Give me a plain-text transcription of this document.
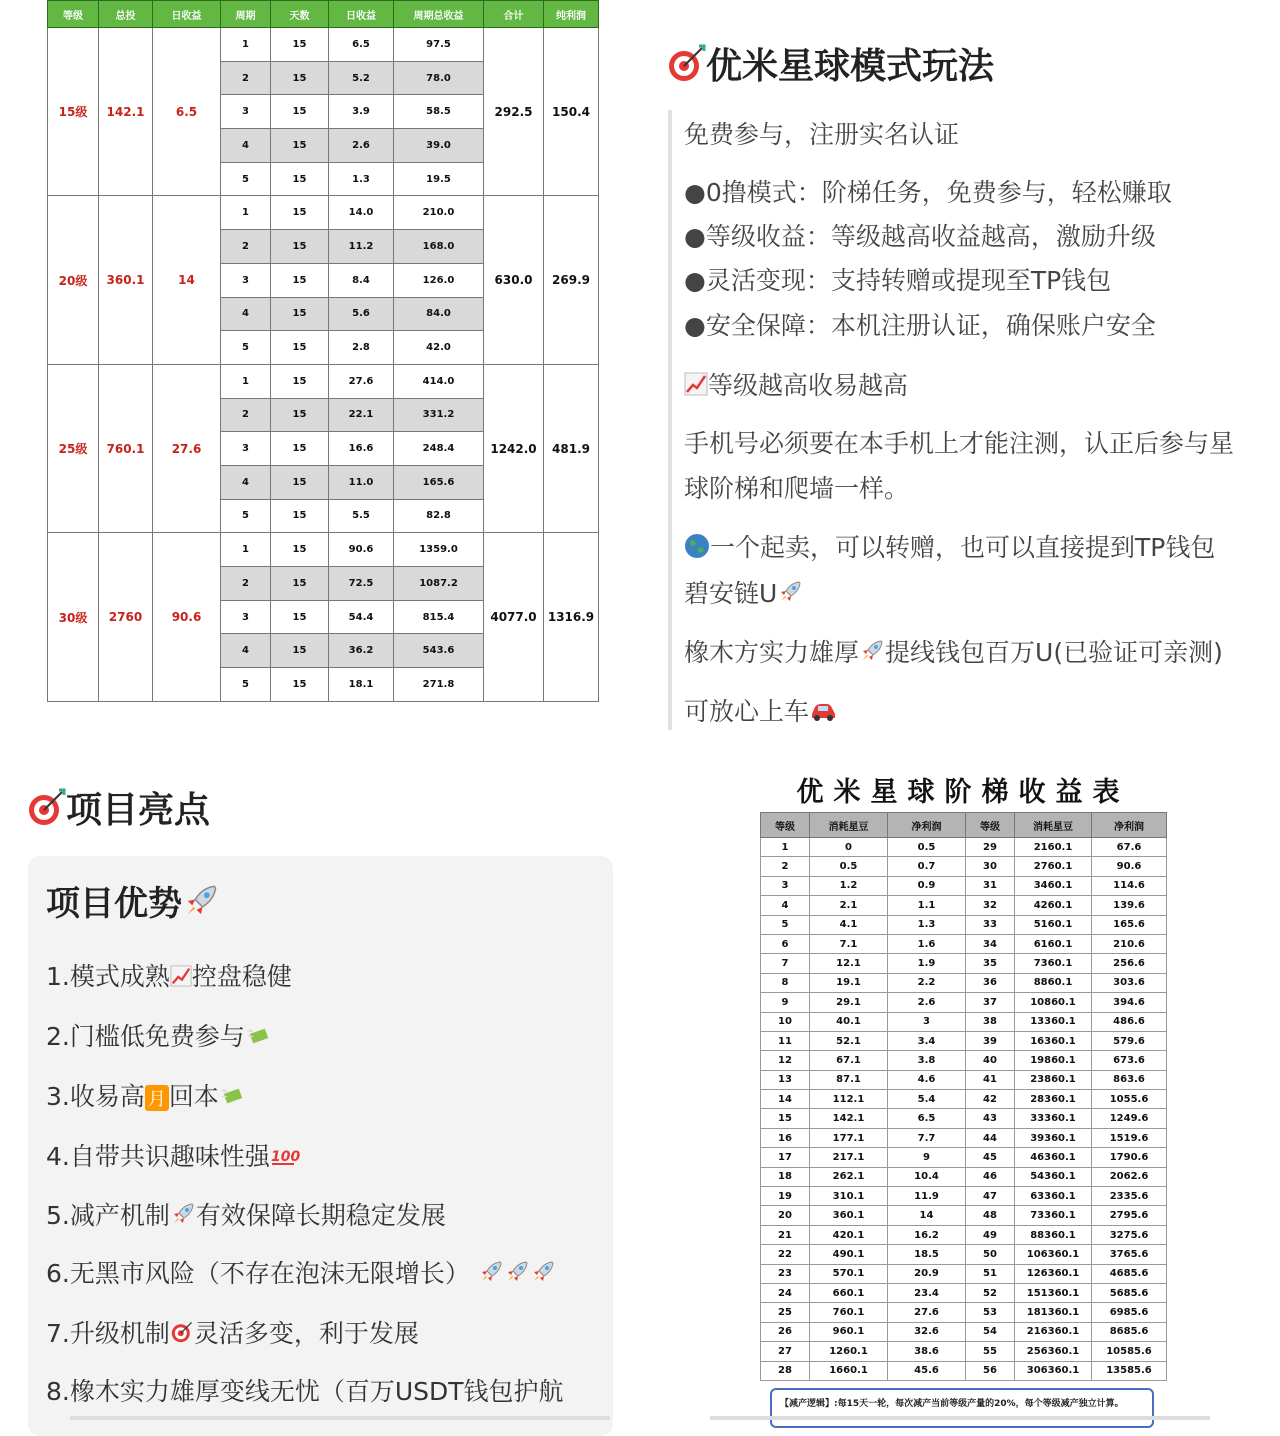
等级	总投	日收益	周期	天数	日收益	周期总收益	合计	纯利润
15级	142.1	6.5	1	15	6.5	97.5	292.5	150.4
			2	15	5.2	78.0		
			3	15	3.9	58.5		
			4	15	2.6	39.0		
			5	15	1.3	19.5		
20级	360.1	14	1	15	14.0	210.0	630.0	269.9
			2	15	11.2	168.0		
			3	15	8.4	126.0		
			4	15	5.6	84.0		
			5	15	2.8	42.0		
25级	760.1	27.6	1	15	27.6	414.0	1242.0	481.9
			2	15	22.1	331.2		
			3	15	16.6	248.4		
			4	15	11.0	165.6		
			5	15	5.5	82.8		
30级	2760	90.6	1	15	90.6	1359.0	4077.0	1316.9
			2	15	72.5	1087.2		
			3	15	54.4	815.4		
			4	15	36.2	543.6		
			5	15	18.1	271.8		
优米星球模式玩法
免费参与，注册实名认证
●0撸模式：阶梯任务，免费参与，轻松赚取
●等级收益：等级越高收益越高，激励升级
●灵活变现：支持转赠或提现至TP钱包
●安全保障：本机注册认证，确保账户安全
等级越高收易越高
手机号必须要在本手机上才能注测，认正后参与星
球阶梯和爬墙一样。
一个起卖，可以转赠，也可以直接提到TP钱包
碧安链U
橡木方实力雄厚 提线钱包百万U(已验证可亲测)
可放心上车
项目亮点
项目优势
1.模式成熟 控盘稳健
2.门槛低免费参与
3.收易高 月 回本
4.自带共识趣味性强 100
5.减产机制 有效保障长期稳定发展
6.无黑市风险（不存在泡沫无限增长）
7.升级机制 灵活多变，利于发展
8.橡木实力雄厚变线无忧（百万USDT钱包护航
优米星球阶梯收益表
等级	消耗星豆	净利润	等级	消耗星豆	净利润
1	0	0.5	29	2160.1	67.6
2	0.5	0.7	30	2760.1	90.6
3	1.2	0.9	31	3460.1	114.6
4	2.1	1.1	32	4260.1	139.6
5	4.1	1.3	33	5160.1	165.6
6	7.1	1.6	34	6160.1	210.6
7	12.1	1.9	35	7360.1	256.6
8	19.1	2.2	36	8860.1	303.6
9	29.1	2.6	37	10860.1	394.6
10	40.1	3	38	13360.1	486.6
11	52.1	3.4	39	16360.1	579.6
12	67.1	3.8	40	19860.1	673.6
13	87.1	4.6	41	23860.1	863.6
14	112.1	5.4	42	28360.1	1055.6
15	142.1	6.5	43	33360.1	1249.6
16	177.1	7.7	44	39360.1	1519.6
17	217.1	9	45	46360.1	1790.6
18	262.1	10.4	46	54360.1	2062.6
19	310.1	11.9	47	63360.1	2335.6
20	360.1	14	48	73360.1	2795.6
21	420.1	16.2	49	88360.1	3275.6
22	490.1	18.5	50	106360.1	3765.6
23	570.1	20.9	51	126360.1	4685.6
24	660.1	23.4	52	151360.1	5685.6
25	760.1	27.6	53	181360.1	6985.6
26	960.1	32.6	54	216360.1	8685.6
27	1260.1	38.6	55	256360.1	10585.6
28	1660.1	45.6	56	306360.1	13585.6
【减产逻辑】:每15天一轮，每次减产当前等级产量的20%，每个等级减产独立计算。
